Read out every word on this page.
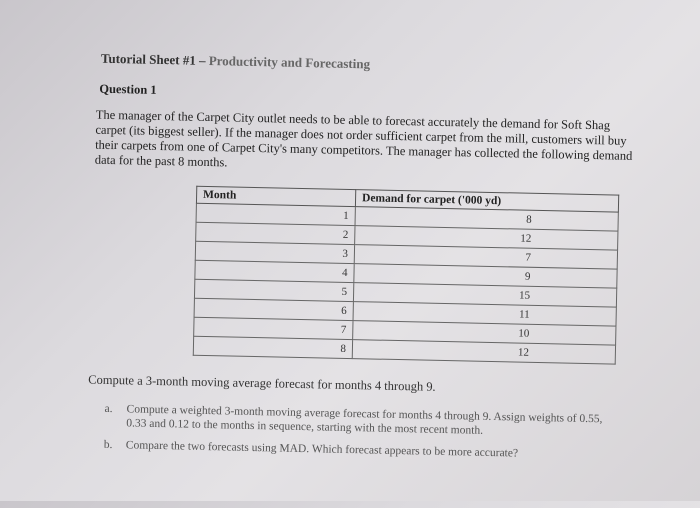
Tutorial Sheet #1 – Productivity and Forecasting
Question 1
The manager of the Carpet City outlet needs to be able to forecast accurately the demand for Soft Shag carpet (its biggest seller). If the manager does not order sufficient carpet from the mill, customers will buy their carpets from one of Carpet City's many competitors. The manager has collected the following demand data for the past 8 months.
Month	Demand for carpet ('000 yd)
1	8
2	12
3	7
4	9
5	15
6	11
7	10
8	12
Compute a 3-month moving average forecast for months 4 through 9.
a. Compute a weighted 3-month moving average forecast for months 4 through 9. Assign weights of 0.55, 0.33 and 0.12 to the months in sequence, starting with the most recent month.
b. Compare the two forecasts using MAD. Which forecast appears to be more accurate?
